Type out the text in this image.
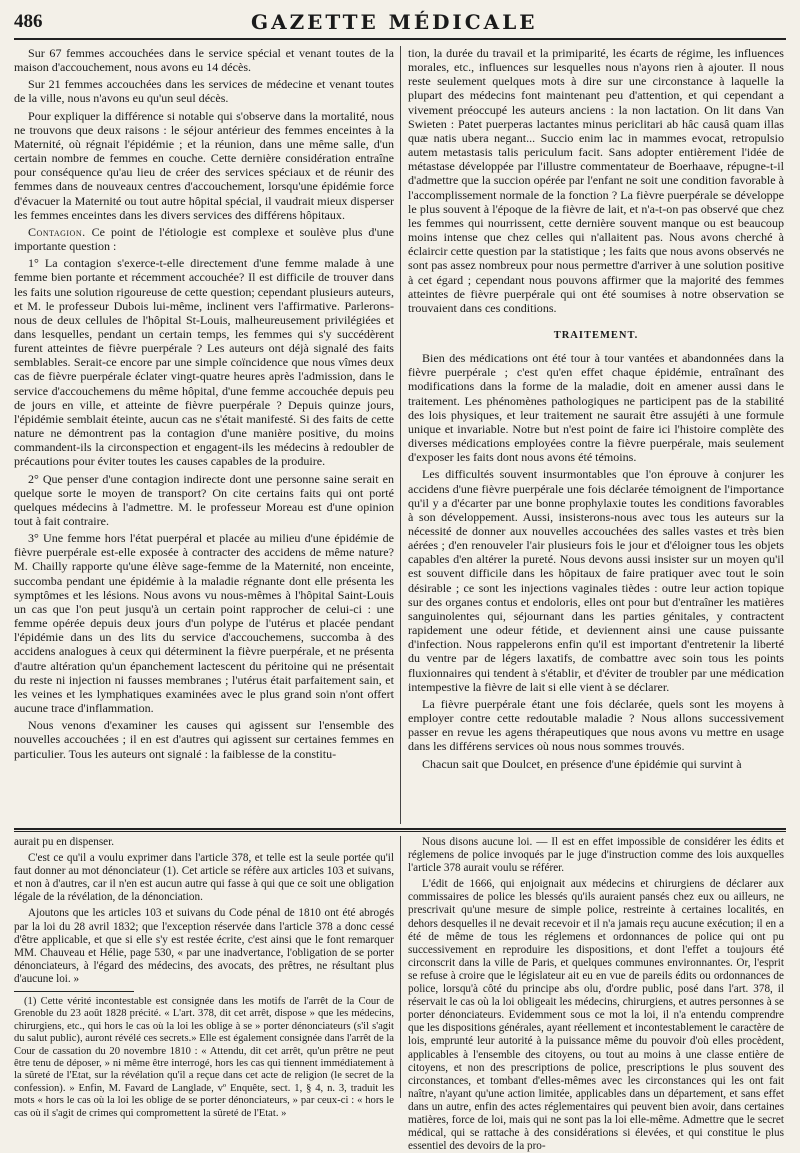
486	GAZETTE MÉDICALE

Sur 67 femmes accouchées dans le service spécial et venant toutes de la maison d'accouchement, nous avons eu 14 décès.

Sur 21 femmes accouchées dans les services de médecine et venant toutes de la ville, nous n'avons eu qu'un seul décès.

Pour expliquer la différence si notable qui s'observe dans la mortalité, nous ne trouvons que deux raisons : le séjour antérieur des femmes enceintes à la Maternité, où régnait l'épidémie ; et la réunion, dans une même salle, d'un certain nombre de femmes en couche. Cette dernière considération entraîne pour conséquence qu'au lieu de créer des services spéciaux et de réunir des femmes dans de nouveaux centres d'accouchement, lorsqu'une épidémie force d'évacuer la Maternité ou tout autre hôpital spécial, il vaudrait mieux disperser les femmes enceintes dans les divers services des différens hôpitaux.

Contagion. Ce point de l'étiologie est complexe et soulève plus d'une importante question :

1° La contagion s'exerce-t-elle directement d'une femme malade à une femme bien portante et récemment accouchée? Il est difficile de trouver dans les faits une solution rigoureuse de cette question; cependant plusieurs auteurs, et M. le professeur Dubois lui-même, inclinent vers l'affirmative. Parlerons-nous de deux cellules de l'hôpital St-Louis, malheureusement privilégiées et dans lesquelles, pendant un certain temps, les femmes qui s'y succédèrent furent atteintes de fièvre puerpérale ? Les auteurs ont déjà signalé des faits semblables. Serait-ce encore par une simple coïncidence que nous vîmes deux cas de fièvre puerpérale éclater vingt-quatre heures après l'admission, dans le service d'accouchemens du même hôpital, d'une femme accouchée depuis peu de jours en ville, et atteinte de fièvre puerpérale ? Depuis quinze jours, l'épidémie semblait éteinte, aucun cas ne s'était manifesté. Si des faits de cette nature ne démontrent pas la contagion d'une manière positive, du moins commandent-ils la circonspection et engagent-ils les médecins à redoubler de précautions pour éviter toutes les causes capables de la produire.

2° Que penser d'une contagion indirecte dont une personne saine serait en quelque sorte le moyen de transport? On cite certains faits qui ont porté quelques médecins à l'admettre. M. le professeur Moreau est d'une opinion tout à fait contraire.

3° Une femme hors l'état puerpéral et placée au milieu d'une épidémie de fièvre puerpérale est-elle exposée à contracter des accidens de même nature? M. Chailly rapporte qu'une élève sage-femme de la Maternité, non enceinte, succomba pendant une épidémie à la maladie régnante dont elle présenta les symptômes et les lésions. Nous avons vu nous-mêmes à l'hôpital Saint-Louis un cas que l'on peut jusqu'à un certain point rapprocher de celui-ci : une femme opérée depuis deux jours d'un polype de l'utérus et placée pendant l'épidémie dans un des lits du service d'accouchemens, succomba à des accidens analogues à ceux qui déterminent la fièvre puerpérale, et ne présenta d'autre altération qu'un épanchement lactescent du péritoine qui ne présentait du reste ni injection ni fausses membranes ; l'utérus était parfaitement sain, et les veines et les lymphatiques examinées avec le plus grand soin n'ont offert aucune trace d'inflammation.

Nous venons d'examiner les causes qui agissent sur l'ensemble des nouvelles accouchées ; il en est d'autres qui agissent sur certaines femmes en particulier. Tous les auteurs ont signalé : la faiblesse de la constitu-

tion, la durée du travail et la primiparité, les écarts de régime, les influences morales, etc., influences sur lesquelles nous n'ayons rien à ajouter. Il nous reste seulement quelques mots à dire sur une circonstance à laquelle la plupart des médecins font maintenant peu d'attention, et qui cependant a vivement préoccupé les auteurs anciens : la non lactation. On lit dans Van Swieten : Patet puerperas lactantes minus periclitari ab hâc causâ quam illas quæ natis ubera negant... Succio enim lac in mammes evocat, retropulsio autem metastasis talis periculum facit. Sans adopter entièrement l'idée de métastase développée par l'illustre commentateur de Boerhaave, répugne-t-il d'admettre que la succion opérée par l'enfant ne soit une condition favorable à l'accomplissement normale de la fonction ? La fièvre puerpérale se développe le plus souvent à l'époque de la fièvre de lait, et n'a-t-on pas observé que chez les femmes qui nourrissent, cette dernière souvent manque ou est beaucoup moins intense que chez celles qui n'allaitent pas. Nous avons cherché à éclaircir cette question par la statistique ; les faits que nous avons observés ne sont pas assez nombreux pour nous permettre d'arriver à une solution positive à cet égard ; cependant nous pouvons affirmer que la majorité des femmes atteintes de fièvre puerpérale qui ont été soumises à notre observation se trouvaient dans ces conditions.

TRAITEMENT.

Bien des médications ont été tour à tour vantées et abandonnées dans la fièvre puerpérale ; c'est qu'en effet chaque épidémie, entraînant des modifications dans la forme de la maladie, doit en amener aussi dans le traitement. Les phénomènes pathologiques ne participent pas de la stabilité des lois physiques, et leur traitement ne saurait être assujéti à une formule unique et invariable. Notre but n'est point de faire ici l'histoire complète des diverses médications employées contre la fièvre puerpérale, mais seulement d'exposer les faits dont nous avons été témoins.

Les difficultés souvent insurmontables que l'on éprouve à conjurer les accidens d'une fièvre puerpérale une fois déclarée témoignent de l'importance qu'il y a d'écarter par une bonne prophylaxie toutes les conditions favorables à son développement. Aussi, insisterons-nous avec tous les auteurs sur la nécessité de donner aux nouvelles accouchées des salles vastes et très bien aérées ; d'en renouveler l'air plusieurs fois le jour et d'éloigner tous les objets capables d'en altérer la pureté. Nous devons aussi insister sur un moyen qu'il est souvent difficile dans les hôpitaux de faire pratiquer avec tout le soin désirable ; ce sont les injections vaginales tièdes : outre leur action topique sur des organes contus et endoloris, elles ont pour but d'entraîner les matières sanguinolentes qui, séjournant dans les parties génitales, y contractent rapidement une odeur fétide, et deviennent ainsi une cause puissante d'infection. Nous rappelerons enfin qu'il est important d'entretenir la liberté du ventre par de légers laxatifs, de combattre avec soin tous les points fluxionnaires qui tendent à s'établir, et d'éviter de troubler par une médication intempestive la fièvre de lait si elle vient à se déclarer.

La fièvre puerpérale étant une fois déclarée, quels sont les moyens à employer contre cette redoutable maladie ? Nous allons successivement passer en revue les agens thérapeutiques que nous avons vu mettre en usage dans les différens services où nous nous sommes trouvés.

Chacun sait que Doulcet, en présence d'une épidémie qui survint à

aurait pu en dispenser.

C'est ce qu'il a voulu exprimer dans l'article 378, et telle est la seule portée qu'il faut donner au mot dénonciateur (1). Cet article se réfère aux articles 103 et suivans, et non à d'autres, car il n'en est aucun autre qui fasse à qui que ce soit une obligation légale de la révélation, de la dénonciation.

Ajoutons que les articles 103 et suivans du Code pénal de 1810 ont été abrogés par la loi du 28 avril 1832; que l'exception réservée dans l'article 378 a donc cessé d'être applicable, et que si elle s'y est restée écrite, c'est ainsi que le font remarquer MM. Chauveau et Hélie, page 530, « par une inadvertance, l'obligation de se porter dénonciateurs, à l'égard des médecins, des avocats, des prêtres, ne résultant plus d'aucune loi. »

(1) Cette vérité incontestable est consignée dans les motifs de l'arrêt de la Cour de Grenoble du 23 août 1828 précité. « L'art. 378, dit cet arrêt, dispose » que les médecins, chirurgiens, etc., qui hors le cas où la loi les oblige à se » porter dénonciateurs (s'il s'agit du salut public), auront révélé ces secrets.» Elle est également consignée dans l'arrêt de la Cour de cassation du 20 novembre 1810 : « Attendu, dit cet arrêt, qu'un prêtre ne peut être tenu de déposer, » ni même être interrogé, hors les cas qui tiennent immédiatement à la sûreté de l'Etat, sur la révélation qu'il a reçue dans cet acte de religion (le secret de la confession). » Enfin, M. Favard de Langlade, vº Enquête, sect. 1, § 4, n. 3, traduit les mots « hors le cas où la loi les oblige de se porter dénonciateurs, » par ceux-ci : « hors le cas où il s'agit de crimes qui compromettent la sûreté de l'Etat. »

Nous disons aucune loi. — Il est en effet impossible de considérer les édits et réglemens de police invoqués par le juge d'instruction comme des lois auxquelles l'article 378 aurait voulu se référer.

L'édit de 1666, qui enjoignait aux médecins et chirurgiens de déclarer aux commissaires de police les blessés qu'ils auraient pansés chez eux ou ailleurs, ne prescrivait qu'une mesure de simple police, restreinte à certaines localités, en dehors desquelles il ne devait recevoir et il n'a jamais reçu aucune exécution; il en a été de même de tous les réglemens et ordonnances de police qui ont pu successivement en reproduire les dispositions, et dont l'effet a toujours été circonscrit dans la ville de Paris, et quelques communes environnantes. Or, l'esprit se refuse à croire que le législateur ait eu en vue de pareils édits ou ordonnances de police, lorsqu'à côté du principe abs olu, d'ordre public, posé dans l'art. 378, il réservait le cas où la loi obligeait les médecins, chirurgiens, et autres personnes à se porter dénonciateurs. Evidemment sous ce mot la loi, il n'a entendu comprendre que les dispositions générales, ayant réellement et incontestablement le caractère de lois, emprunté leur autorité à la puissance même du pouvoir d'où elles procèdent, applicables à l'ensemble des citoyens, ou tout au moins à une classe entière de citoyens, et non des prescriptions de police, prescriptions le plus souvent des circonstances, et tombant d'elles-mêmes avec les circonstances qui les ont fait naître, n'ayant qu'une action limitée, applicables dans un département, et sans effet dans un autre, enfin des actes réglementaires qui peuvent bien avoir, dans certaines matières, force de loi, mais qui ne sont pas la loi elle-même. Admettre que le secret médical, qui se rattache à des considérations si élevées, et qui constitue le plus essentiel des devoirs de la pro-
